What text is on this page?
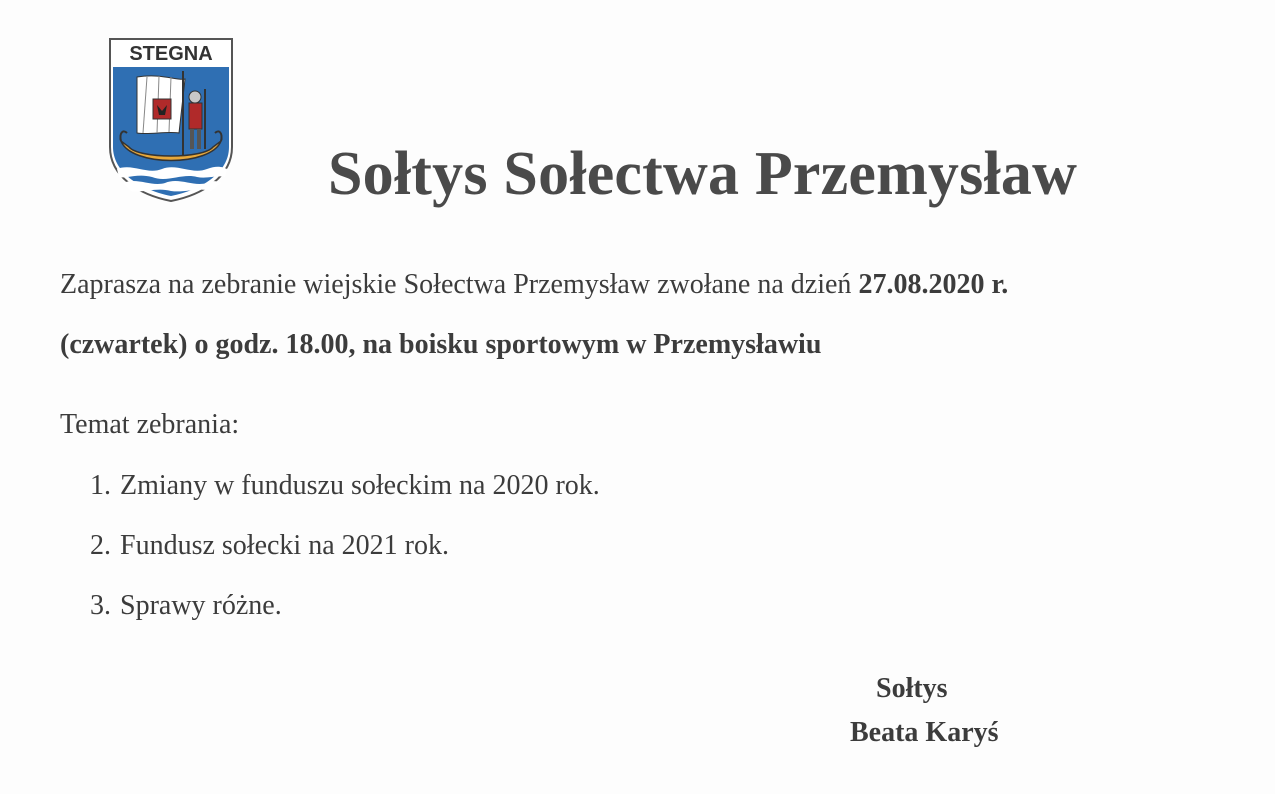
STEGNA
Sołtys Sołectwa Przemysław
Zaprasza na zebranie wiejskie Sołectwa Przemysław zwołane na dzień 27.08.2020 r.
(czwartek) o godz. 18.00, na boisku sportowym w Przemysławiu
Temat zebrania:
1. Zmiany w funduszu sołeckim na 2020 rok.
2. Fundusz sołecki na 2021 rok.
3. Sprawy różne.
Sołtys
Beata Karyś
